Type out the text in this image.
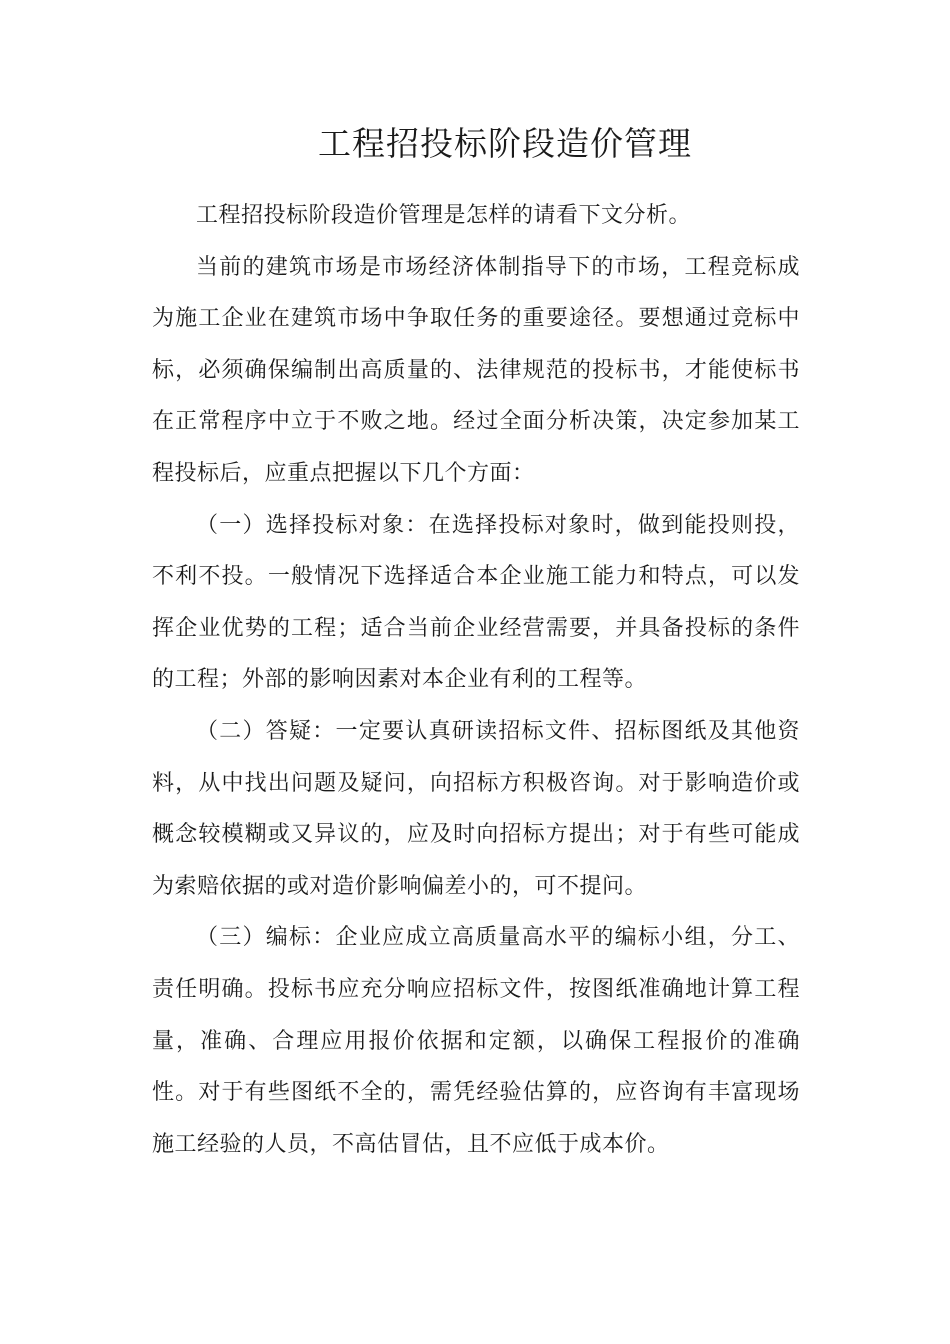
工程招投标阶段造价管理

工程招投标阶段造价管理是怎样的请看下文分析。

当前的建筑市场是市场经济体制指导下的市场，工程竞标成为施工企业在建筑市场中争取任务的重要途径。要想通过竞标中标，必须确保编制出高质量的、法律规范的投标书，才能使标书在正常程序中立于不败之地。经过全面分析决策，决定参加某工程投标后，应重点把握以下几个方面：

（一）选择投标对象：在选择投标对象时，做到能投则投，不利不投。一般情况下选择适合本企业施工能力和特点，可以发挥企业优势的工程；适合当前企业经营需要，并具备投标的条件的工程；外部的影响因素对本企业有利的工程等。

（二）答疑：一定要认真研读招标文件、招标图纸及其他资料，从中找出问题及疑问，向招标方积极咨询。对于影响造价或概念较模糊或又异议的，应及时向招标方提出；对于有些可能成为索赔依据的或对造价影响偏差小的，可不提问。

（三）编标：企业应成立高质量高水平的编标小组，分工、责任明确。投标书应充分响应招标文件，按图纸准确地计算工程量，准确、合理应用报价依据和定额，以确保工程报价的准确性。对于有些图纸不全的，需凭经验估算的，应咨询有丰富现场施工经验的人员，不高估冒估，且不应低于成本价。
